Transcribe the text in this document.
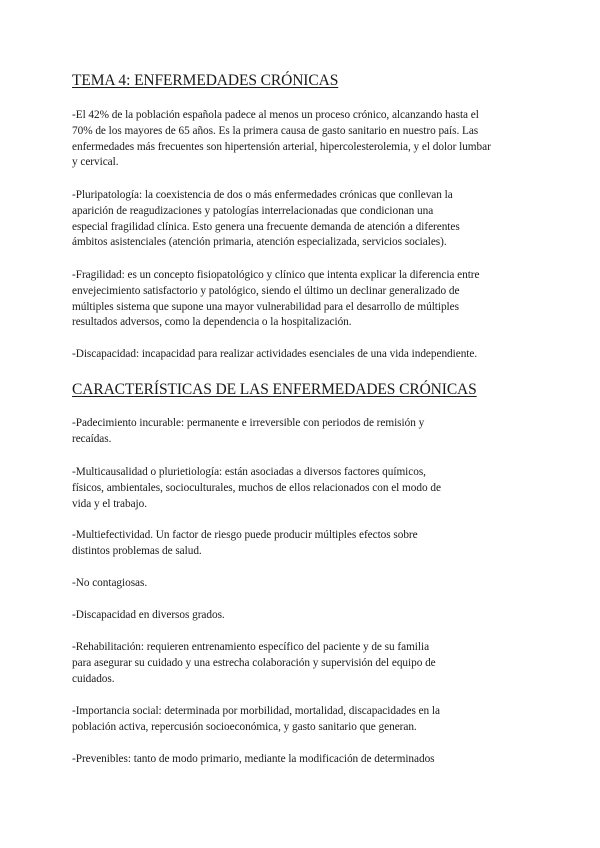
TEMA 4: ENFERMEDADES CRÓNICAS
-El 42% de la población española padece al menos un proceso crónico, alcanzando hasta el
70% de los mayores de 65 años. Es la primera causa de gasto sanitario en nuestro país. Las
enfermedades más frecuentes son hipertensión arterial, hipercolesterolemia, y el dolor lumbar
y cervical.
-Pluripatología: la coexistencia de dos o más enfermedades crónicas que conllevan la
aparición de reagudizaciones y patologías interrelacionadas que condicionan una
especial fragilidad clínica. Esto genera una frecuente demanda de atención a diferentes
ámbitos asistenciales (atención primaria, atención especializada, servicios sociales).
-Fragilidad: es un concepto fisiopatológico y clínico que intenta explicar la diferencia entre
envejecimiento satisfactorio y patológico, siendo el último un declinar generalizado de
múltiples sistema que supone una mayor vulnerabilidad para el desarrollo de múltiples
resultados adversos, como la dependencia o la hospitalización.
-Discapacidad: incapacidad para realizar actividades esenciales de una vida independiente.
CARACTERÍSTICAS DE LAS ENFERMEDADES CRÓNICAS
-Padecimiento incurable: permanente e irreversible con periodos de remisión y
recaídas.
-Multicausalidad o plurietiología: están asociadas a diversos factores químicos,
físicos, ambientales, socioculturales, muchos de ellos relacionados con el modo de
vida y el trabajo.
-Multiefectividad. Un factor de riesgo puede producir múltiples efectos sobre
distintos problemas de salud.
-No contagiosas.
-Discapacidad en diversos grados.
-Rehabilitación: requieren entrenamiento específico del paciente y de su familia
para asegurar su cuidado y una estrecha colaboración y supervisión del equipo de
cuidados.
-Importancia social: determinada por morbilidad, mortalidad, discapacidades en la
población activa, repercusión socioeconómica, y gasto sanitario que generan.
-Prevenibles: tanto de modo primario, mediante la modificación de determinados
